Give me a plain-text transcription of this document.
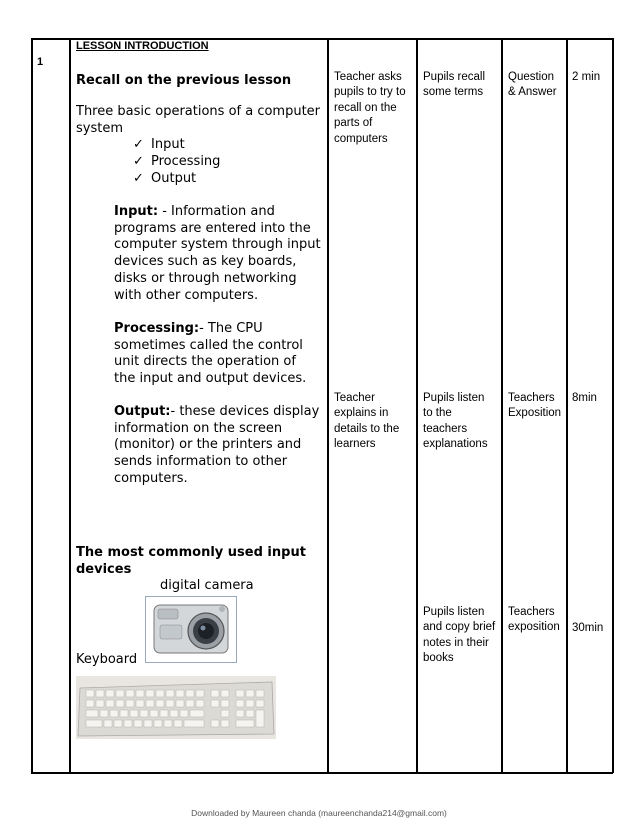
1
LESSON INTRODUCTION
Recall on the previous lesson
Three basic operations of a computer system
✓ Input
✓ Processing
✓ Output
Input: - Information and programs are entered into the computer system through input devices such as key boards, disks or through networking with other computers.
Processing:- The CPU sometimes called the control unit directs the operation of the input and output devices.
Output:- these devices display information on the screen (monitor) or the printers and sends information to other computers.
The most commonly used input devices
digital camera
Keyboard
Teacher asks pupils to try to recall on the parts of computers
Pupils recall some terms
Question & Answer
2 min
Teacher explains in details to the learners
Pupils listen to the teachers explanations
Teachers Exposition
8min
Pupils listen and copy brief notes in their books
Teachers exposition	30min
Downloaded by Maureen chanda (maureenchanda214@gmail.com)
